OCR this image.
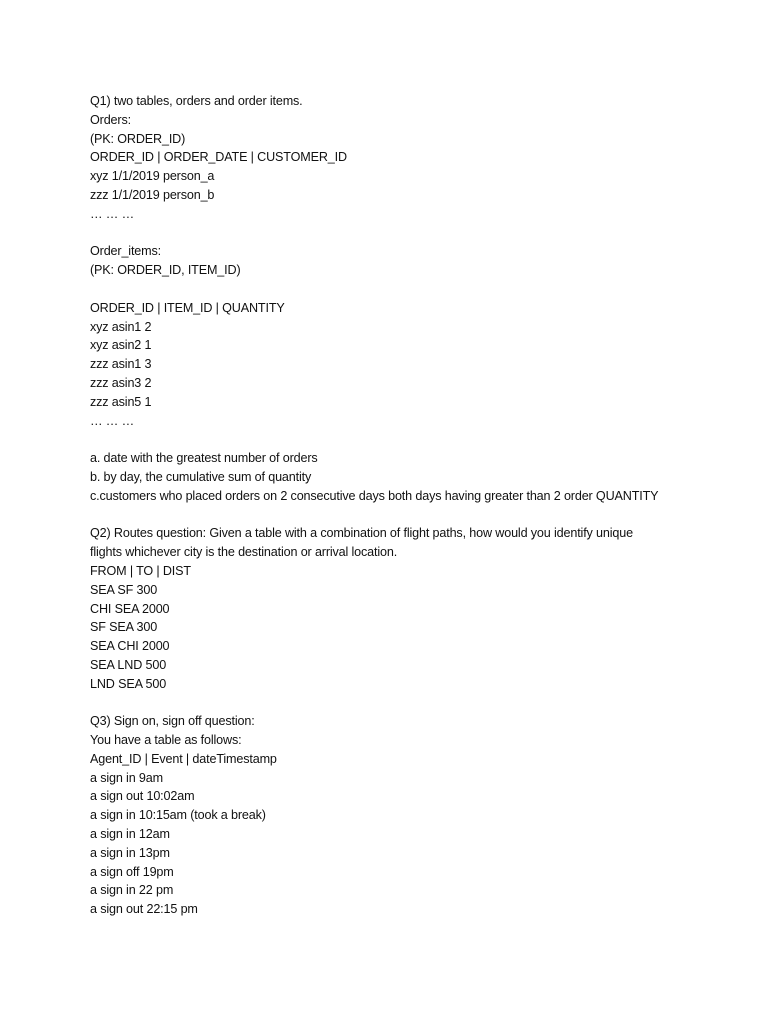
Q1) two tables, orders and order items.
Orders:
(PK: ORDER_ID)
ORDER_ID | ORDER_DATE | CUSTOMER_ID
xyz 1/1/2019 person_a
zzz 1/1/2019 person_b
… … …
Order_items:
(PK: ORDER_ID, ITEM_ID)
ORDER_ID | ITEM_ID | QUANTITY
xyz asin1 2
xyz asin2 1
zzz asin1 3
zzz asin3 2
zzz asin5 1
… … …
a. date with the greatest number of orders
b. by day, the cumulative sum of quantity
c.customers who placed orders on 2 consecutive days both days having greater than 2 order QUANTITY
Q2) Routes question: Given a table with a combination of flight paths, how would you identify unique
flights whichever city is the destination or arrival location.
FROM | TO | DIST
SEA SF 300
CHI SEA 2000
SF SEA 300
SEA CHI 2000
SEA LND 500
LND SEA 500
Q3) Sign on, sign off question:
You have a table as follows:
Agent_ID | Event | dateTimestamp
a sign in 9am
a sign out 10:02am
a sign in 10:15am (took a break)
a sign in 12am
a sign in 13pm
a sign off 19pm
a sign in 22 pm
a sign out 22:15 pm
